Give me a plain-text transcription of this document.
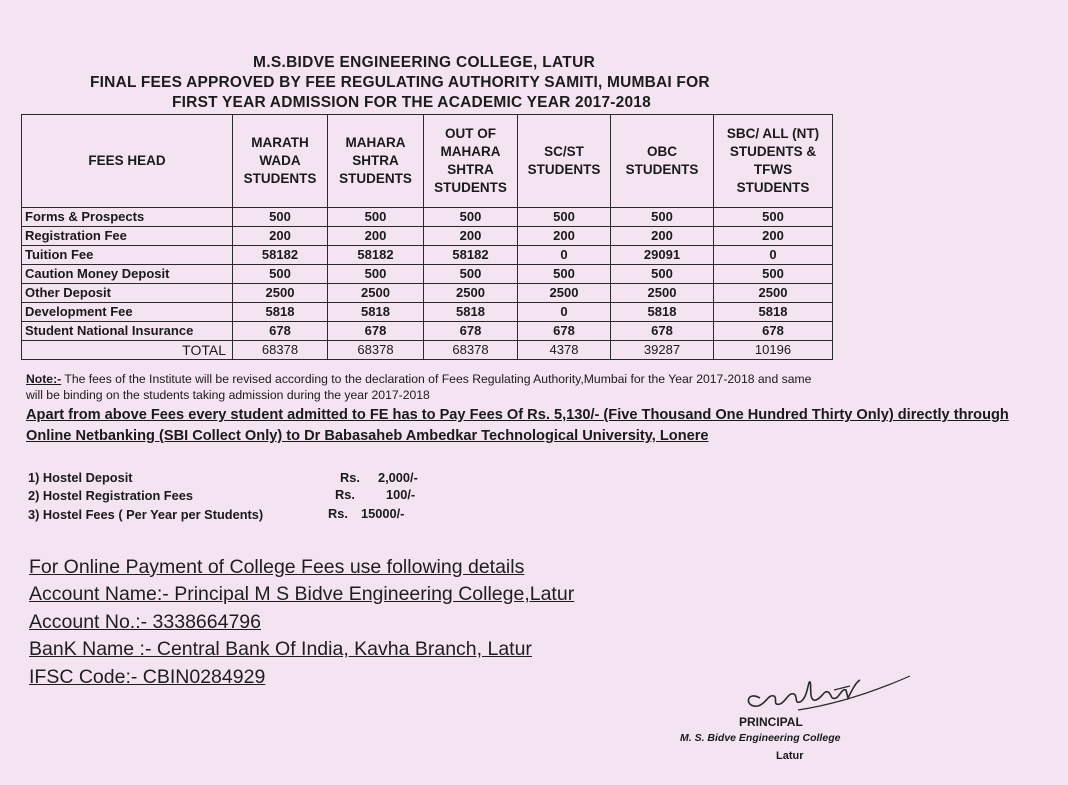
M.S.BIDVE ENGINEERING COLLEGE, LATUR
FINAL FEES APPROVED BY FEE REGULATING AUTHORITY SAMITI, MUMBAI FOR
FIRST YEAR ADMISSION FOR THE ACADEMIC YEAR 2017-2018
FEES HEAD	MARATH WADA STUDENTS	MAHARA SHTRA STUDENTS	OUT OF MAHARA SHTRA STUDENTS	SC/ST STUDENTS	OBC STUDENTS	SBC/ ALL (NT) STUDENTS & TFWS STUDENTS
Forms & Prospects	500	500	500	500	500	500
Registration Fee	200	200	200	200	200	200
Tuition Fee	58182	58182	58182	0	29091	0
Caution Money Deposit	500	500	500	500	500	500
Other Deposit	2500	2500	2500	2500	2500	2500
Development Fee	5818	5818	5818	0	5818	5818
Student National Insurance	678	678	678	678	678	678
TOTAL	68378	68378	68378	4378	39287	10196
Note:- The fees of the Institute will be revised according to the declaration of Fees Regulating Authority,Mumbai for the Year 2017-2018 and same will be binding on the students taking admission during the year 2017-2018
Apart from above Fees every student admitted to FE has to Pay Fees Of Rs. 5,130/- (Five Thousand One Hundred Thirty Only) directly through Online Netbanking (SBI Collect Only) to Dr Babasaheb Ambedkar Technological University, Lonere
1) Hostel Deposit	Rs. 2,000/-
2) Hostel Registration Fees	Rs. 100/-
3) Hostel Fees ( Per Year per Students)	Rs. 15000/-
For Online Payment of College Fees use following details
Account Name:- Principal M S Bidve Engineering College,Latur
Account No.:- 3338664796
BanK Name :- Central Bank Of India, Kavha Branch, Latur
IFSC Code:- CBIN0284929
PRINCIPAL
M. S. Bidve Engineering College
Latur
